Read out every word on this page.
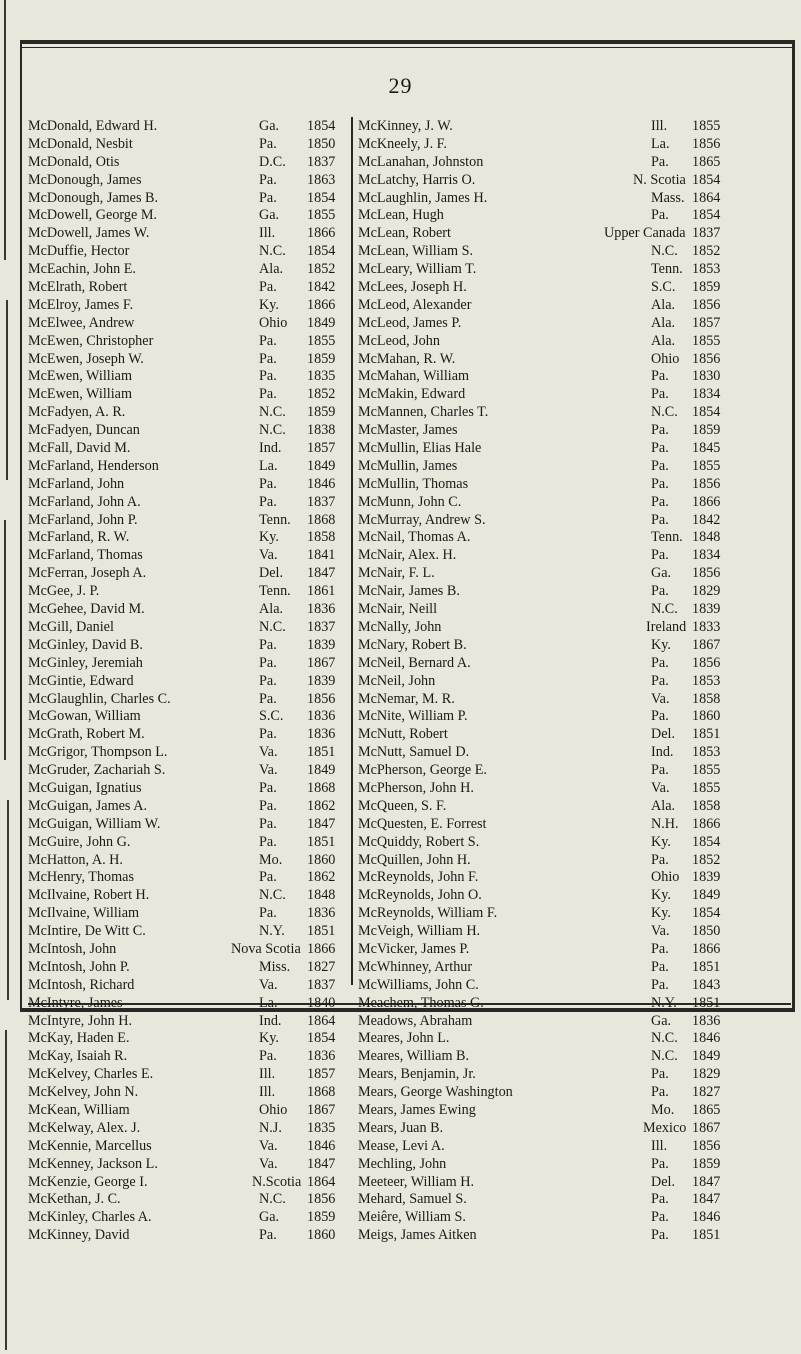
29
McDonald, Edward H.	Ga. 1854
McDonald, Nesbit	Pa. 1850
McDonald, Otis	D.C. 1837
McDonough, James	Pa. 1863
McDonough, James B.	Pa. 1854
McDowell, George M.	Ga. 1855
McDowell, James W.	Ill. 1866
McDuffie, Hector	N.C. 1854
McEachin, John E.	Ala. 1852
McElrath, Robert	Pa. 1842
McElroy, James F.	Ky. 1866
McElwee, Andrew	Ohio 1849
McEwen, Christopher	Pa. 1855
McEwen, Joseph W.	Pa. 1859
McEwen, William	Pa. 1835
McEwen, William	Pa. 1852
McFadyen, A. R.	N.C. 1859
McFadyen, Duncan	N.C. 1838
McFall, David M.	Ind. 1857
McFarland, Henderson	La. 1849
McFarland, John	Pa. 1846
McFarland, John A.	Pa. 1837
McFarland, John P.	Tenn. 1868
McFarland, R. W.	Ky. 1858
McFarland, Thomas	Va. 1841
McFerran, Joseph A.	Del. 1847
McGee, J. P.	Tenn. 1861
McGehee, David M.	Ala. 1836
McGill, Daniel	N.C. 1837
McGinley, David B.	Pa. 1839
McGinley, Jeremiah	Pa. 1867
McGintie, Edward	Pa. 1839
McGlaughlin, Charles C.	Pa. 1856
McGowan, William	S.C. 1836
McGrath, Robert M.	Pa. 1836
McGrigor, Thompson L.	Va. 1851
McGruder, Zachariah S.	Va. 1849
McGuigan, Ignatius	Pa. 1868
McGuigan, James A.	Pa. 1862
McGuigan, William W.	Pa. 1847
McGuire, John G.	Pa. 1851
McHatton, A. H.	Mo. 1860
McHenry, Thomas	Pa. 1862
McIlvaine, Robert H.	N.C. 1848
McIlvaine, William	Pa. 1836
McIntire, De Witt C.	N.Y. 1851
McIntosh, John	Nova Scotia 1866
McIntosh, John P.	Miss. 1827
McIntosh, Richard	Va. 1837
McIntyre, James	La. 1840
McIntyre, John H.	Ind. 1864
McKay, Haden E.	Ky. 1854
McKay, Isaiah R.	Pa. 1836
McKelvey, Charles E.	Ill. 1857
McKelvey, John N.	Ill. 1868
McKean, William	Ohio 1867
McKelway, Alex. J.	N.J. 1835
McKennie, Marcellus	Va. 1846
McKenney, Jackson L.	Va. 1847
McKenzie, George I.	N.Scotia 1864
McKethan, J. C.	N.C. 1856
McKinley, Charles A.	Ga. 1859
McKinney, David	Pa. 1860
McKinney, J. W.	Ill. 1855
McKneely, J. F.	La. 1856
McLanahan, Johnston	Pa. 1865
McLatchy, Harris O.	N. Scotia 1854
McLaughlin, James H.	Mass. 1864
McLean, Hugh	Pa. 1854
McLean, Robert	Upper Canada 1837
McLean, William S.	N.C. 1852
McLeary, William T.	Tenn. 1853
McLees, Joseph H.	S.C. 1859
McLeod, Alexander	Ala. 1856
McLeod, James P.	Ala. 1857
McLeod, John	Ala. 1855
McMahan, R. W.	Ohio 1856
McMahan, William	Pa. 1830
McMakin, Edward	Pa. 1834
McMannen, Charles T.	N.C. 1854
McMaster, James	Pa. 1859
McMullin, Elias Hale	Pa. 1845
McMullin, James	Pa. 1855
McMullin, Thomas	Pa. 1856
McMunn, John C.	Pa. 1866
McMurray, Andrew S.	Pa. 1842
McNail, Thomas A.	Tenn. 1848
McNair, Alex. H.	Pa. 1834
McNair, F. L.	Ga. 1856
McNair, James B.	Pa. 1829
McNair, Neill	N.C. 1839
McNally, John	Ireland 1833
McNary, Robert B.	Ky. 1867
McNeil, Bernard A.	Pa. 1856
McNeil, John	Pa. 1853
McNemar, M. R.	Va. 1858
McNite, William P.	Pa. 1860
McNutt, Robert	Del. 1851
McNutt, Samuel D.	Ind. 1853
McPherson, George E.	Pa. 1855
McPherson, John H.	Va. 1855
McQueen, S. F.	Ala. 1858
McQuesten, E. Forrest	N.H. 1866
McQuiddy, Robert S.	Ky. 1854
McQuillen, John H.	Pa. 1852
McReynolds, John F.	Ohio 1839
McReynolds, John O.	Ky. 1849
McReynolds, William F.	Ky. 1854
McVeigh, William H.	Va. 1850
McVicker, James P.	Pa. 1866
McWhinney, Arthur	Pa. 1851
McWilliams, John C.	Pa. 1843
Meachem, Thomas G.	N.Y. 1851
Meadows, Abraham	Ga. 1836
Meares, John L.	N.C. 1846
Meares, William B.	N.C. 1849
Mears, Benjamin, Jr.	Pa. 1829
Mears, George Washington	Pa. 1827
Mears, James Ewing	Mo. 1865
Mears, Juan B.	Mexico 1867
Mease, Levi A.	Ill. 1856
Mechling, John	Pa. 1859
Meeteer, William H.	Del. 1847
Mehard, Samuel S.	Pa. 1847
Meiêre, William S.	Pa. 1846
Meigs, James Aitken	Pa. 1851
